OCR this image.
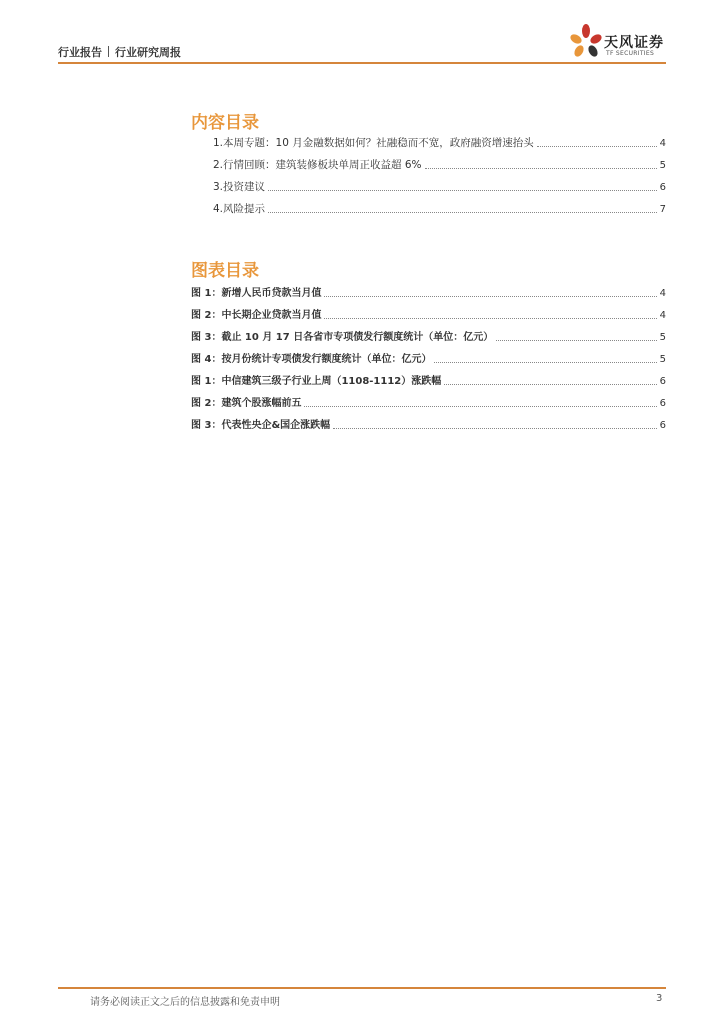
行业报告 行业研究周报
天风证券
TF SECURITIES
内容目录
1.本周专题：10 月金融数据如何？社融稳而不宽，政府融资增速抬头	4
2.行情回顾：建筑装修板块单周正收益超 6%	5
3.投资建议	6
4.风险提示	7
图表目录
图 1：新增人民币贷款当月值	4
图 2：中长期企业贷款当月值	4
图 3：截止 10 月 17 日各省市专项债发行额度统计（单位：亿元）	5
图 4：按月份统计专项债发行额度统计（单位：亿元）	5
图 1：中信建筑三级子行业上周（1108-1112）涨跌幅	6
图 2：建筑个股涨幅前五	6
图 3：代表性央企&国企涨跌幅	6
请务必阅读正文之后的信息披露和免责申明	3
